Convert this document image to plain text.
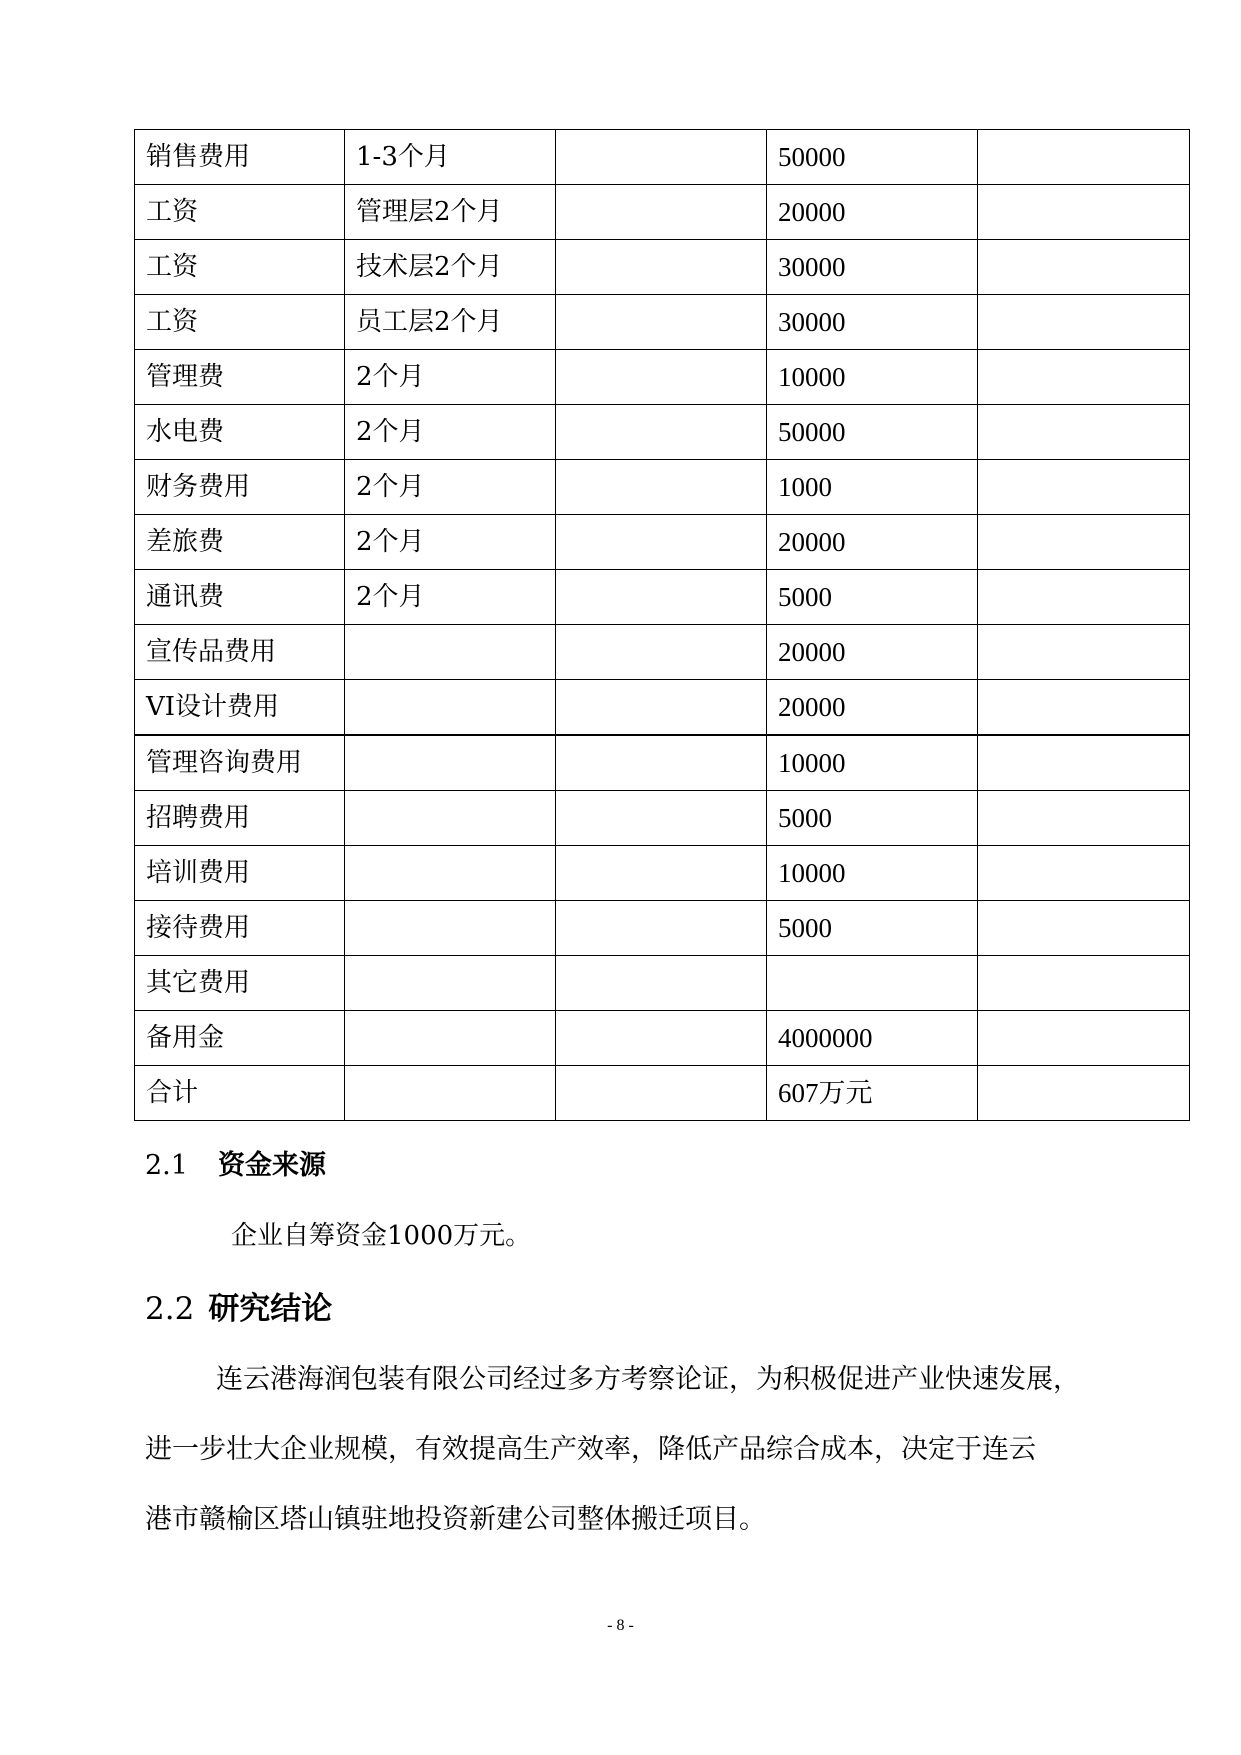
销售费用	1-3个月		50000	
工资	管理层2个月		20000	
工资	技术层2个月		30000	
工资	员工层2个月		30000	
管理费	2个月		10000	
水电费	2个月		50000	
财务费用	2个月		1000	
差旅费	2个月		20000	
通讯费	2个月		5000	
宣传品费用			20000	
VI设计费用			20000	
管理咨询费用			10000	
招聘费用			5000	
培训费用			10000	
接待费用			5000	
其它费用				
备用金			4000000	
合计			607万元	
2.1 资金来源
企业自筹资金1000万元。
2.2 研究结论
连云港海润包装有限公司经过多方考察论证，为积极促进产业快速发展，
进一步壮大企业规模，有效提高生产效率，降低产品综合成本，决定于连云
港市赣榆区塔山镇驻地投资新建公司整体搬迁项目。
- 8 -
